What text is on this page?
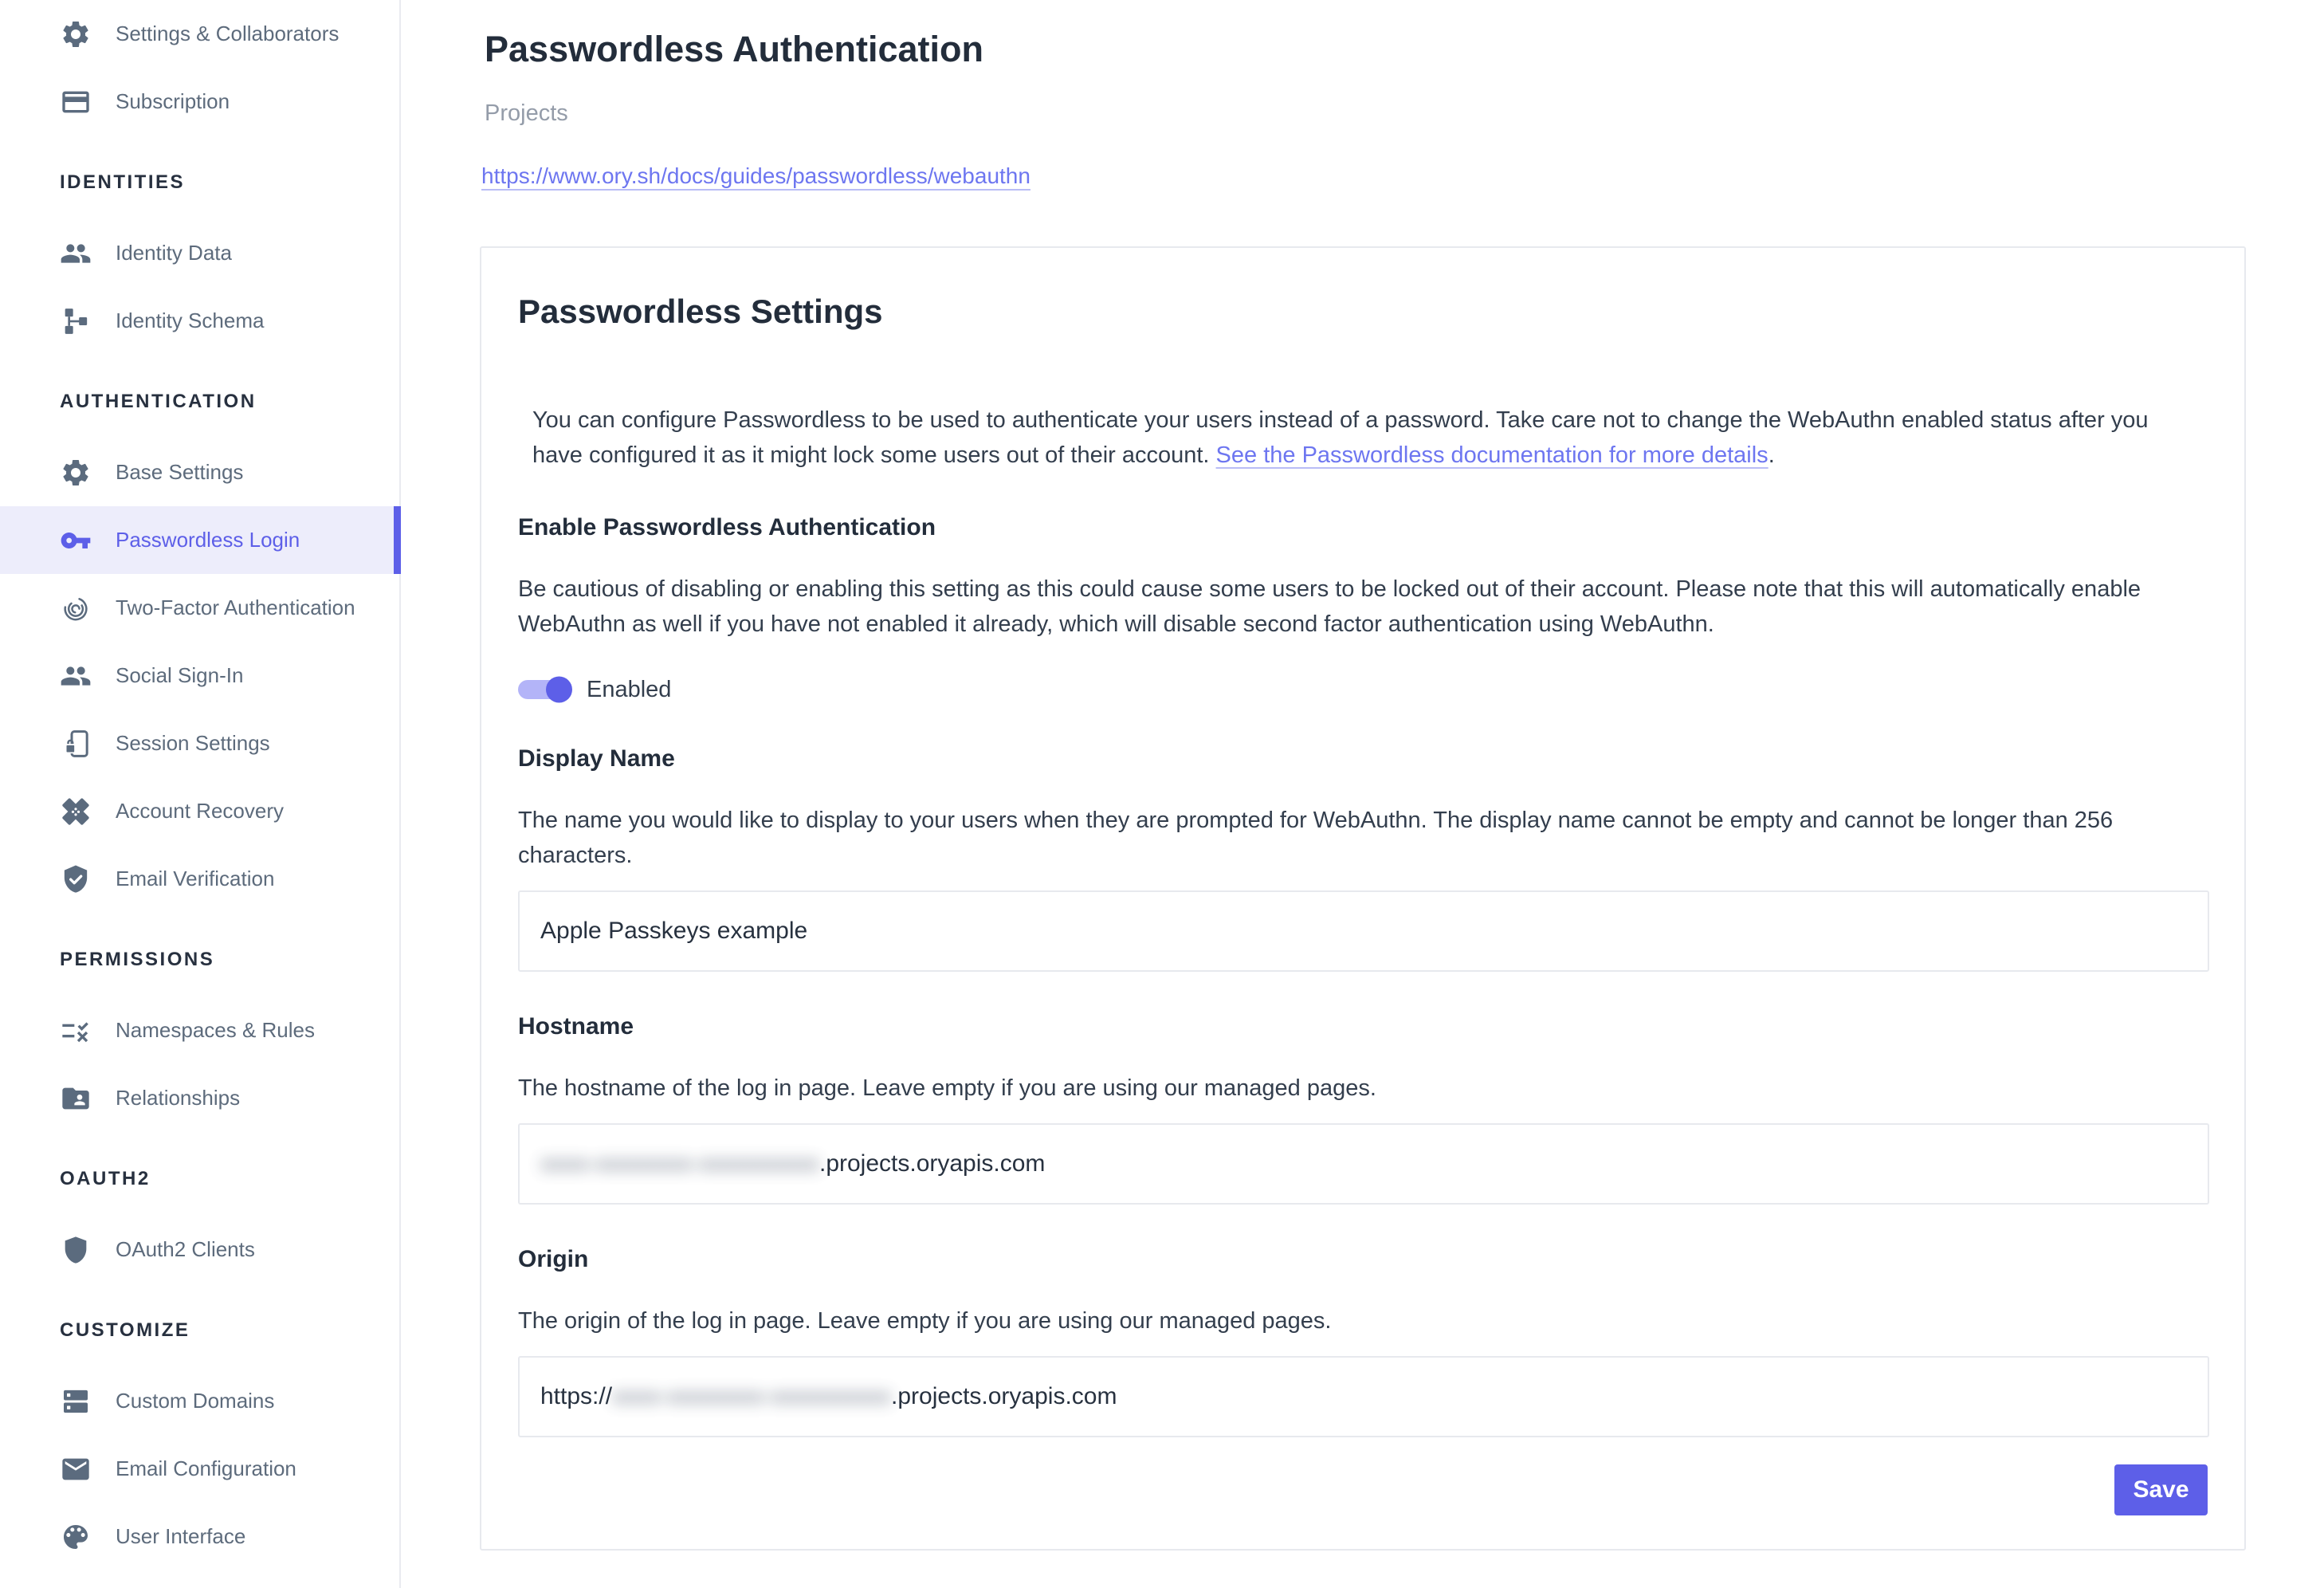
Settings & Collaborators
Subscription
IDENTITIES
Identity Data
Identity Schema
AUTHENTICATION
Base Settings
Passwordless Login
Two-Factor Authentication
Social Sign-In
Session Settings
Account Recovery
Email Verification
PERMISSIONS
Namespaces & Rules
Relationships
OAUTH2
OAuth2 Clients
CUSTOMIZE
Custom Domains
Email Configuration
User Interface
Passwordless Authentication
Projects
https://www.ory.sh/docs/guides/passwordless/webauthn
Passwordless Settings

You can configure Passwordless to be used to authenticate your users instead of a password. Take care not to change the WebAuthn enabled status after you have configured it as it might lock some users out of their account. See the Passwordless documentation for more details.

Enable Passwordless Authentication

Be cautious of disabling or enabling this setting as this could cause some users to be locked out of their account. Please note that this will automatically enable WebAuthn as well if you have not enabled it already, which will disable second factor authentication using WebAuthn.

Enabled
Display Name

The name you would like to display to your users when they are prompted for WebAuthn. The display name cannot be empty and cannot be longer than 256 characters.

Apple Passkeys example
Hostname

The hostname of the log in page. Leave empty if you are using our managed pages.

xxxx-xxxxxxxx-xxxxxxxxxx .projects.oryapis.com
Origin

The origin of the log in page. Leave empty if you are using our managed pages.

https:// xxxx-xxxxxxxx-xxxxxxxxxx .projects.oryapis.com
Save
